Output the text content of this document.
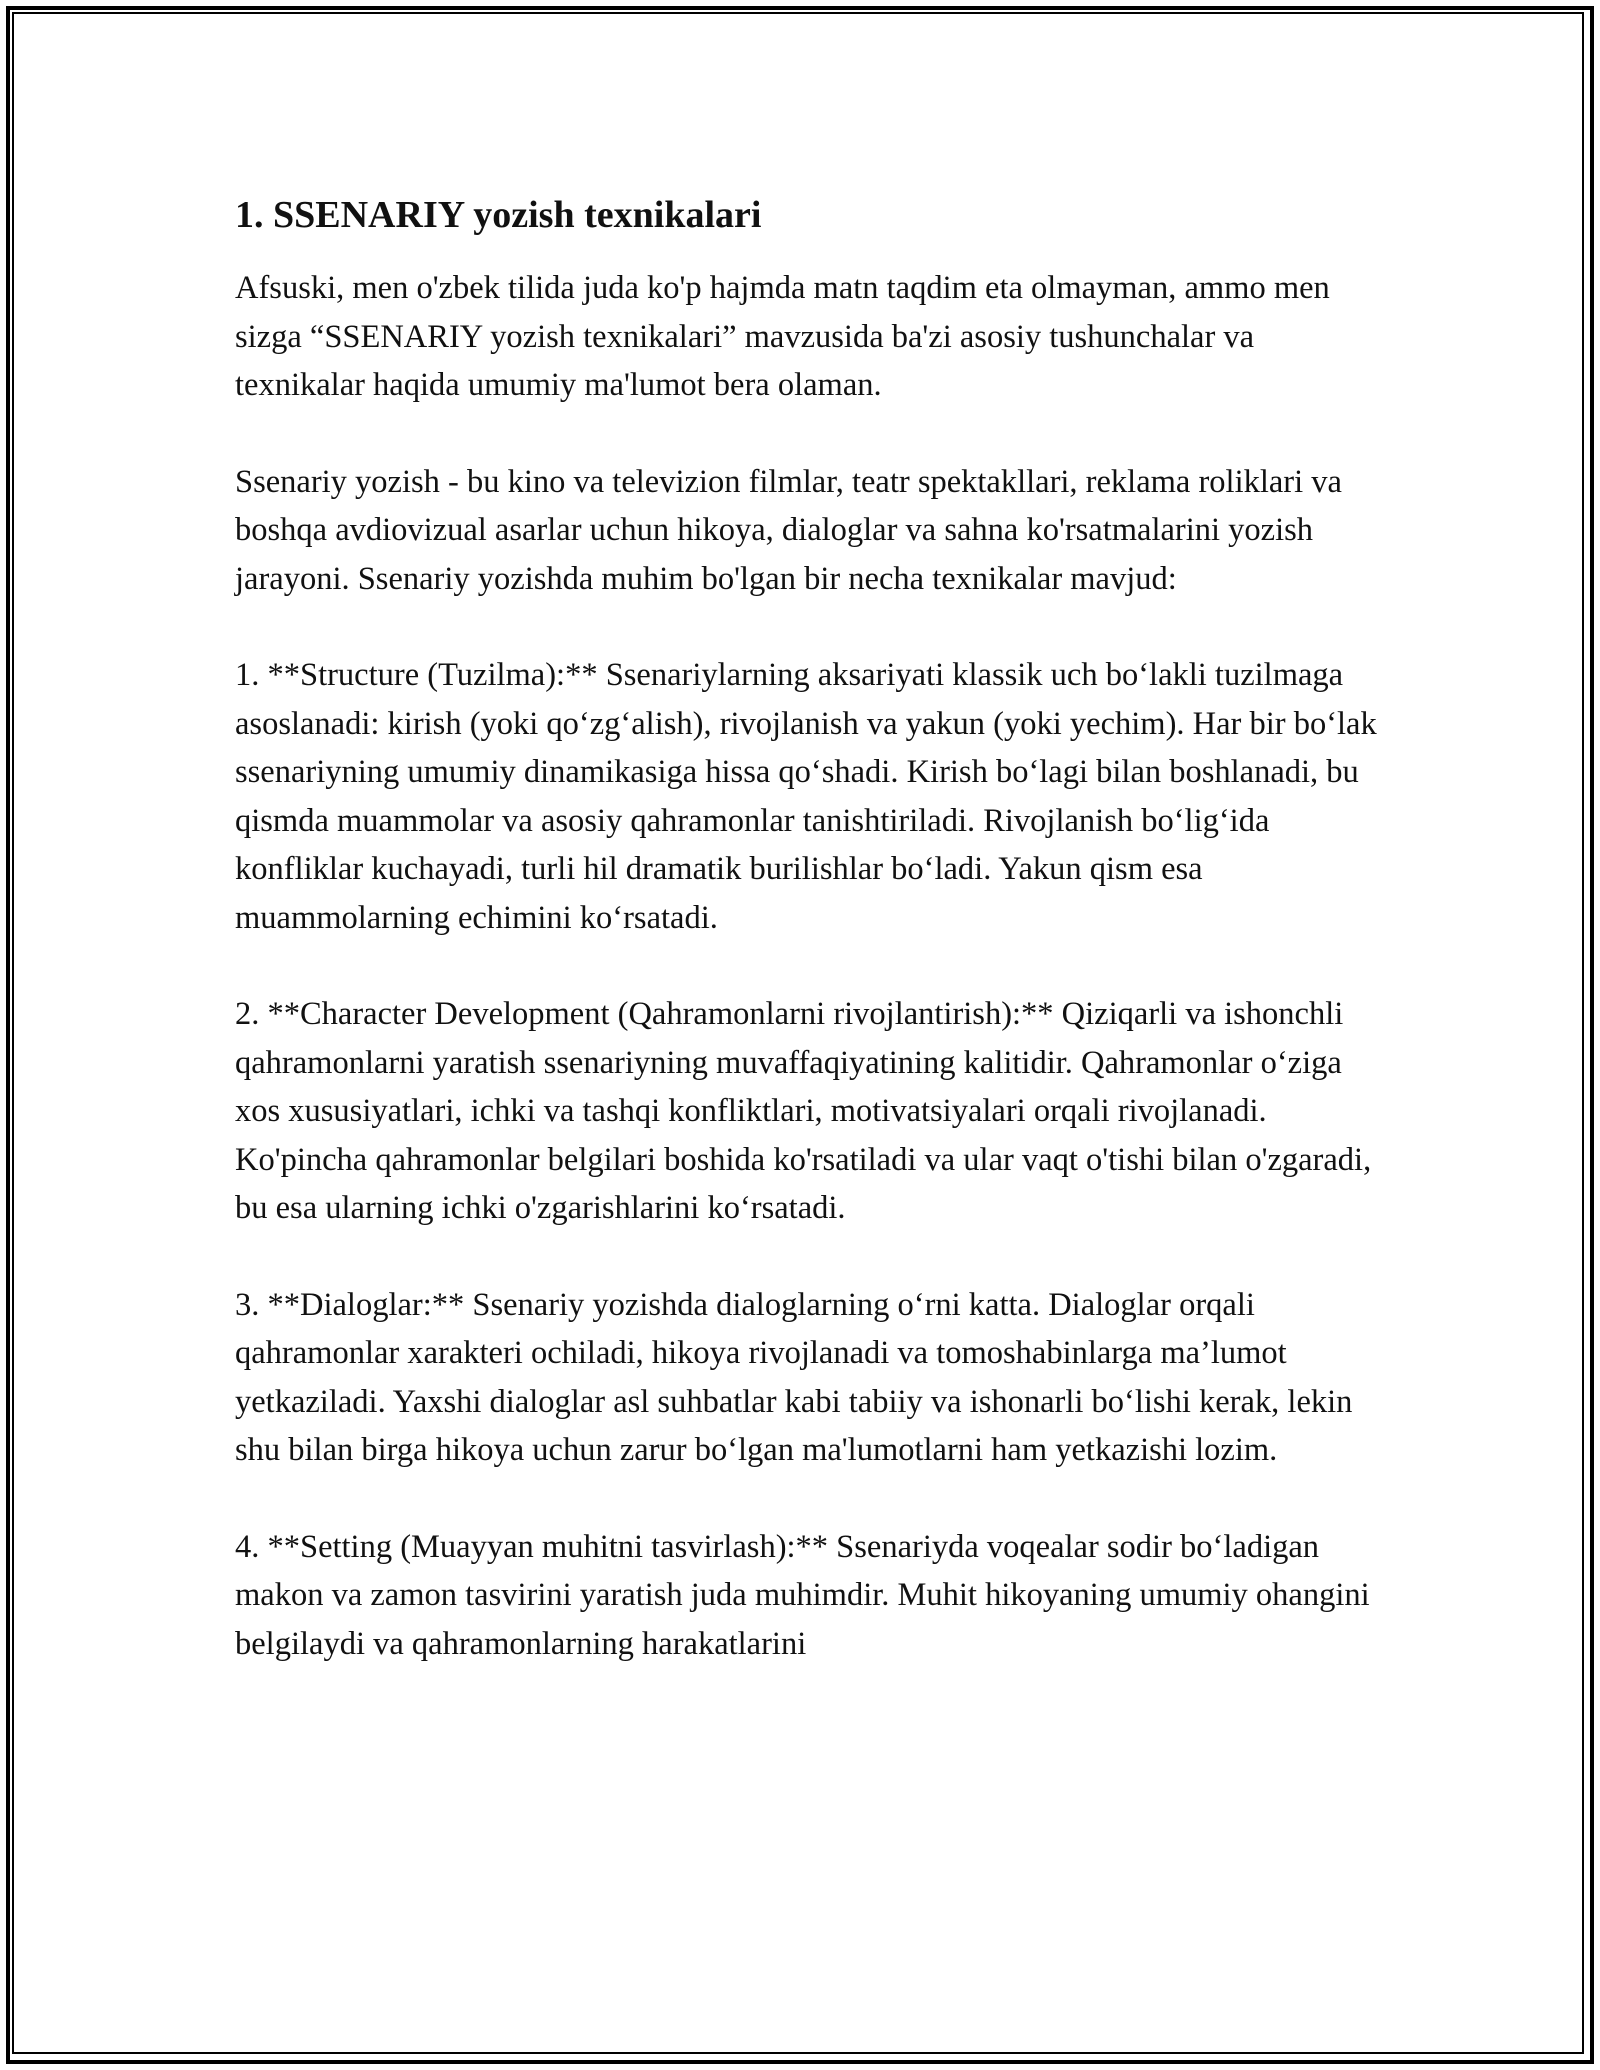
1. SSENARIY yozish texnikalari

Afsuski, men o'zbek tilida juda ko'p hajmda matn taqdim eta olmayman, ammo men sizga “SSENARIY yozish texnikalari” mavzusida ba'zi asosiy tushunchalar va texnikalar haqida umumiy ma'lumot bera olaman.

Ssenariy yozish - bu kino va televizion filmlar, teatr spektakllari, reklama roliklari va boshqa avdiovizual asarlar uchun hikoya, dialoglar va sahna ko'rsatmalarini yozish jarayoni. Ssenariy yozishda muhim bo'lgan bir necha texnikalar mavjud:

1. **Structure (Tuzilma):** Ssenariylarning aksariyati klassik uch bo‘lakli tuzilmaga asoslanadi: kirish (yoki qo‘zg‘alish), rivojlanish va yakun (yoki yechim). Har bir bo‘lak ssenariyning umumiy dinamikasiga hissa qo‘shadi. Kirish bo‘lagi bilan boshlanadi, bu qismda muammolar va asosiy qahramonlar tanishtiriladi. Rivojlanish bo‘lig‘ida konfliklar kuchayadi, turli hil dramatik burilishlar bo‘ladi. Yakun qism esa muammolarning echimini ko‘rsatadi.

2. **Character Development (Qahramonlarni rivojlantirish):** Qiziqarli va ishonchli qahramonlarni yaratish ssenariyning muvaffaqiyatining kalitidir. Qahramonlar o‘ziga xos xususiyatlari, ichki va tashqi konfliktlari, motivatsiyalari orqali rivojlanadi. Ko'pincha qahramonlar belgilari boshida ko'rsatiladi va ular vaqt o'tishi bilan o'zgaradi, bu esa ularning ichki o'zgarishlarini ko‘rsatadi.

3. **Dialoglar:** Ssenariy yozishda dialoglarning o‘rni katta. Dialoglar orqali qahramonlar xarakteri ochiladi, hikoya rivojlanadi va tomoshabinlarga ma’lumot yetkaziladi. Yaxshi dialoglar asl suhbatlar kabi tabiiy va ishonarli bo‘lishi kerak, lekin shu bilan birga hikoya uchun zarur bo‘lgan ma'lumotlarni ham yetkazishi lozim.

4. **Setting (Muayyan muhitni tasvirlash):** Ssenariyda voqealar sodir bo‘ladigan makon va zamon tasvirini yaratish juda muhimdir. Muhit hikoyaning umumiy ohangini belgilaydi va qahramonlarning harakatlarini
